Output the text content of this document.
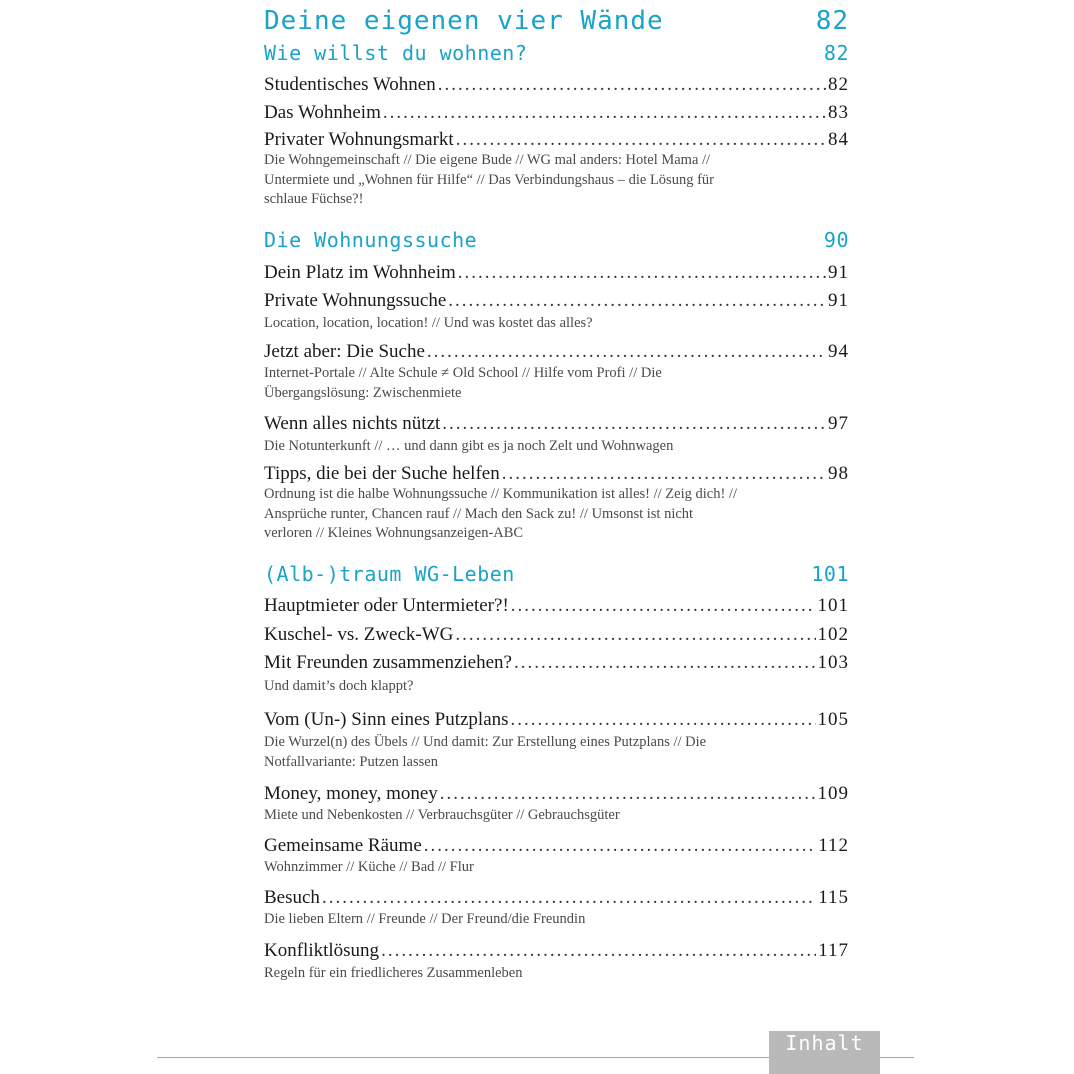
Deine eigenen vier Wände	82
Wie willst du wohnen?	82
Studentisches Wohnen .....	82
Das Wohnheim .....	83
Privater Wohnungsmarkt .....	84
Die Wohngemeinschaft // Die eigene Bude // WG mal anders: Hotel Mama // Untermiete und „Wohnen für Hilfe“ // Das Verbindungshaus – die Lösung für schlaue Füchse?!
Die Wohnungssuche	90
Dein Platz im Wohnheim .....	91
Private Wohnungssuche .....	91
Location, location, location! // Und was kostet das alles?
Jetzt aber: Die Suche .....	94
Internet-Portale // Alte Schule ≠ Old School // Hilfe vom Profi // Die Übergangslösung: Zwischenmiete
Wenn alles nichts nützt .....	97
Die Notunterkunft // … und dann gibt es ja noch Zelt und Wohnwagen
Tipps, die bei der Suche helfen .....	98
Ordnung ist die halbe Wohnungssuche // Kommunikation ist alles! // Zeig dich! // Ansprüche runter, Chancen rauf // Mach den Sack zu! // Umsonst ist nicht verloren // Kleines Wohnungsanzeigen-ABC
(Alb-)traum WG-Leben	101
Hauptmieter oder Untermieter?! .....	101
Kuschel- vs. Zweck-WG .....	102
Mit Freunden zusammenziehen? .....	103
Und damit’s doch klappt?
Vom (Un-) Sinn eines Putzplans .....	105
Die Wurzel(n) des Übels // Und damit: Zur Erstellung eines Putzplans // Die Notfallvariante: Putzen lassen
Money, money, money .....	109
Miete und Nebenkosten // Verbrauchsgüter // Gebrauchsgüter
Gemeinsame Räume .....	112
Wohnzimmer // Küche // Bad // Flur
Besuch .....	115
Die lieben Eltern // Freunde // Der Freund/die Freundin
Konfliktlösung .....	117
Regeln für ein friedlicheres Zusammenleben
Inhalt
